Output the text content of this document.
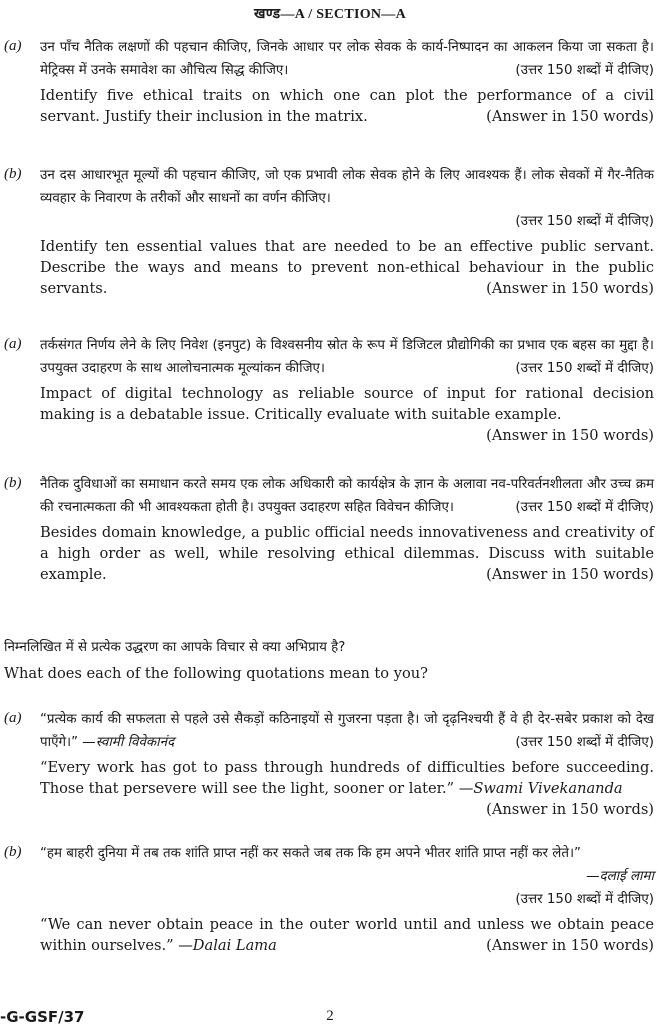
खण्ड—A / SECTION—A
(a) उन पाँच नैतिक लक्षणों की पहचान कीजिए, जिनके आधार पर लोक सेवक के कार्य-निष्पादन का आकलन किया जा सकता है। मेट्रिक्स में उनके समावेश का औचित्य सिद्ध कीजिए।	(उत्तर 150 शब्दों में दीजिए)
Identify five ethical traits on which one can plot the performance of a civil servant. Justify their inclusion in the matrix.	(Answer in 150 words)
(b) उन दस आधारभूत मूल्यों की पहचान कीजिए, जो एक प्रभावी लोक सेवक होने के लिए आवश्यक हैं। लोक सेवकों में गैर-नैतिक व्यवहार के निवारण के तरीकों और साधनों का वर्णन कीजिए।
(उत्तर 150 शब्दों में दीजिए)
Identify ten essential values that are needed to be an effective public servant. Describe the ways and means to prevent non-ethical behaviour in the public servants.	(Answer in 150 words)
(a) तर्कसंगत निर्णय लेने के लिए निवेश (इनपुट) के विश्वसनीय स्रोत के रूप में डिजिटल प्रौद्योगिकी का प्रभाव एक बहस का मुद्दा है। उपयुक्त उदाहरण के साथ आलोचनात्मक मूल्यांकन कीजिए।	(उत्तर 150 शब्दों में दीजिए)
Impact of digital technology as reliable source of input for rational decision making is a debatable issue. Critically evaluate with suitable example.
(Answer in 150 words)
(b) नैतिक दुविधाओं का समाधान करते समय एक लोक अधिकारी को कार्यक्षेत्र के ज्ञान के अलावा नव-परिवर्तनशीलता और उच्च क्रम की रचनात्मकता की भी आवश्यकता होती है। उपयुक्त उदाहरण सहित विवेचन कीजिए।	(उत्तर 150 शब्दों में दीजिए)
Besides domain knowledge, a public official needs innovativeness and creativity of a high order as well, while resolving ethical dilemmas. Discuss with suitable example.	(Answer in 150 words)
निम्नलिखित में से प्रत्येक उद्धरण का आपके विचार से क्या अभिप्राय है?
What does each of the following quotations mean to you?
(a) “प्रत्येक कार्य की सफलता से पहले उसे सैकड़ों कठिनाइयों से गुजरना पड़ता है। जो दृढ़निश्चयी हैं वे ही देर-सबेर प्रकाश को देख पाएँगे।” —स्वामी विवेकानंद	(उत्तर 150 शब्दों में दीजिए)
“Every work has got to pass through hundreds of difficulties before succeeding. Those that persevere will see the light, sooner or later.” —Swami Vivekananda
(Answer in 150 words)
(b) “हम बाहरी दुनिया में तब तक शांति प्राप्त नहीं कर सकते जब तक कि हम अपने भीतर शांति प्राप्त नहीं कर लेते।”
—दलाई लामा
(उत्तर 150 शब्दों में दीजिए)
“We can never obtain peace in the outer world until and unless we obtain peace within ourselves.” —Dalai Lama	(Answer in 150 words)
-G-GSF/37	2
